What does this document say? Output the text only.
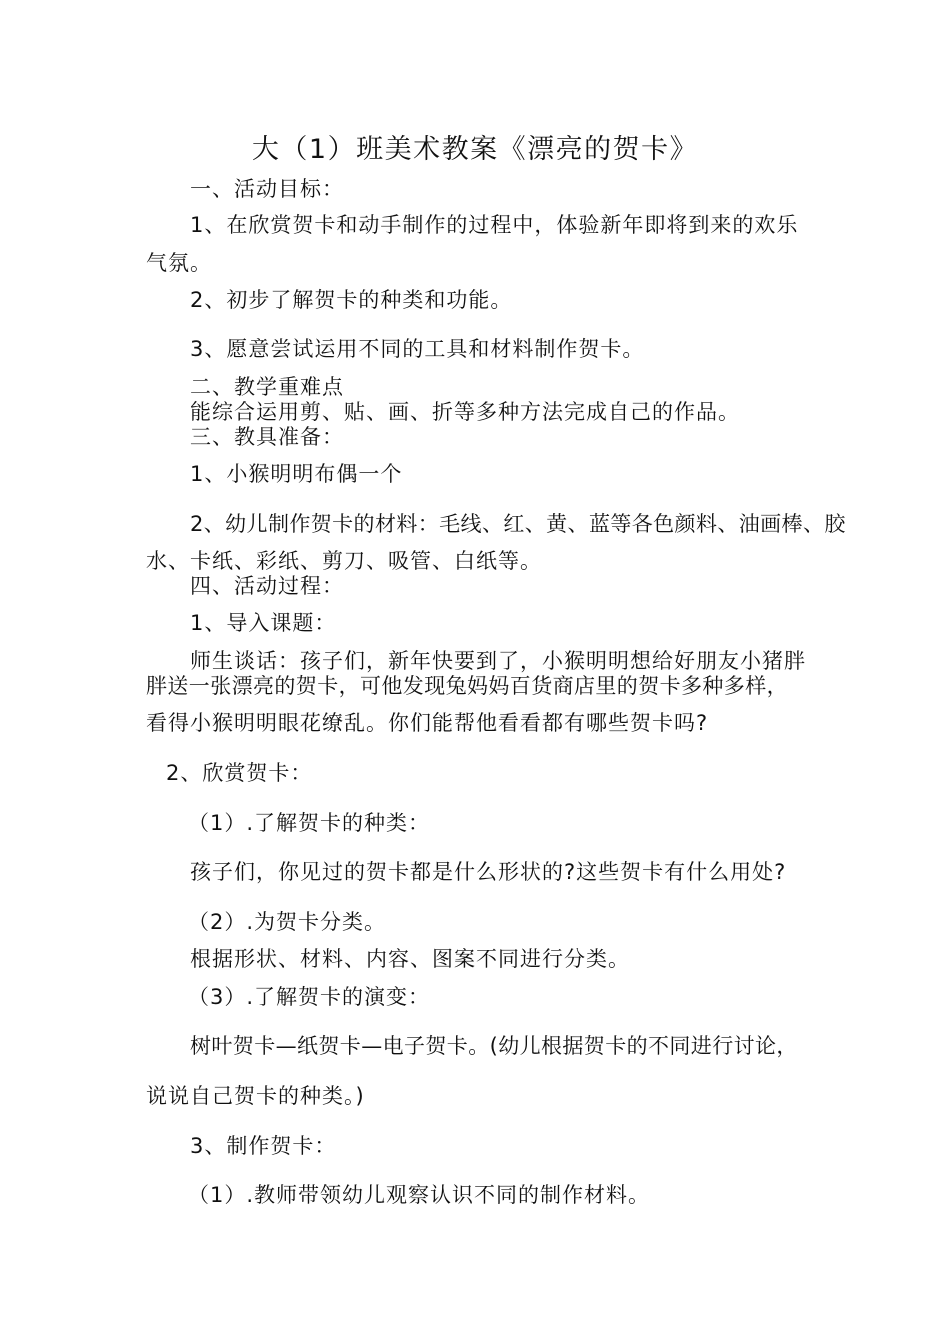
大（1）班美术教案《漂亮的贺卡》
一、活动目标：
1、在欣赏贺卡和动手制作的过程中，体验新年即将到来的欢乐
气氛。
2、初步了解贺卡的种类和功能。
3、愿意尝试运用不同的工具和材料制作贺卡。
二、教学重难点
能综合运用剪、贴、画、折等多种方法完成自己的作品。
三、教具准备：
1、小猴明明布偶一个
2、幼儿制作贺卡的材料：毛线、红、黄、蓝等各色颜料、油画棒、胶
水、卡纸、彩纸、剪刀、吸管、白纸等。
四、活动过程：
1、导入课题：
师生谈话：孩子们，新年快要到了，小猴明明想给好朋友小猪胖
胖送一张漂亮的贺卡，可他发现兔妈妈百货商店里的贺卡多种多样，
看得小猴明明眼花缭乱。你们能帮他看看都有哪些贺卡吗?
2、欣赏贺卡：
（1）.了解贺卡的种类：
孩子们，你见过的贺卡都是什么形状的?这些贺卡有什么用处?
（2）.为贺卡分类。
根据形状、材料、内容、图案不同进行分类。
（3）.了解贺卡的演变：
树叶贺卡—纸贺卡—电子贺卡。(幼儿根据贺卡的不同进行讨论，
说说自己贺卡的种类。)
3、制作贺卡：
（1）.教师带领幼儿观察认识不同的制作材料。
